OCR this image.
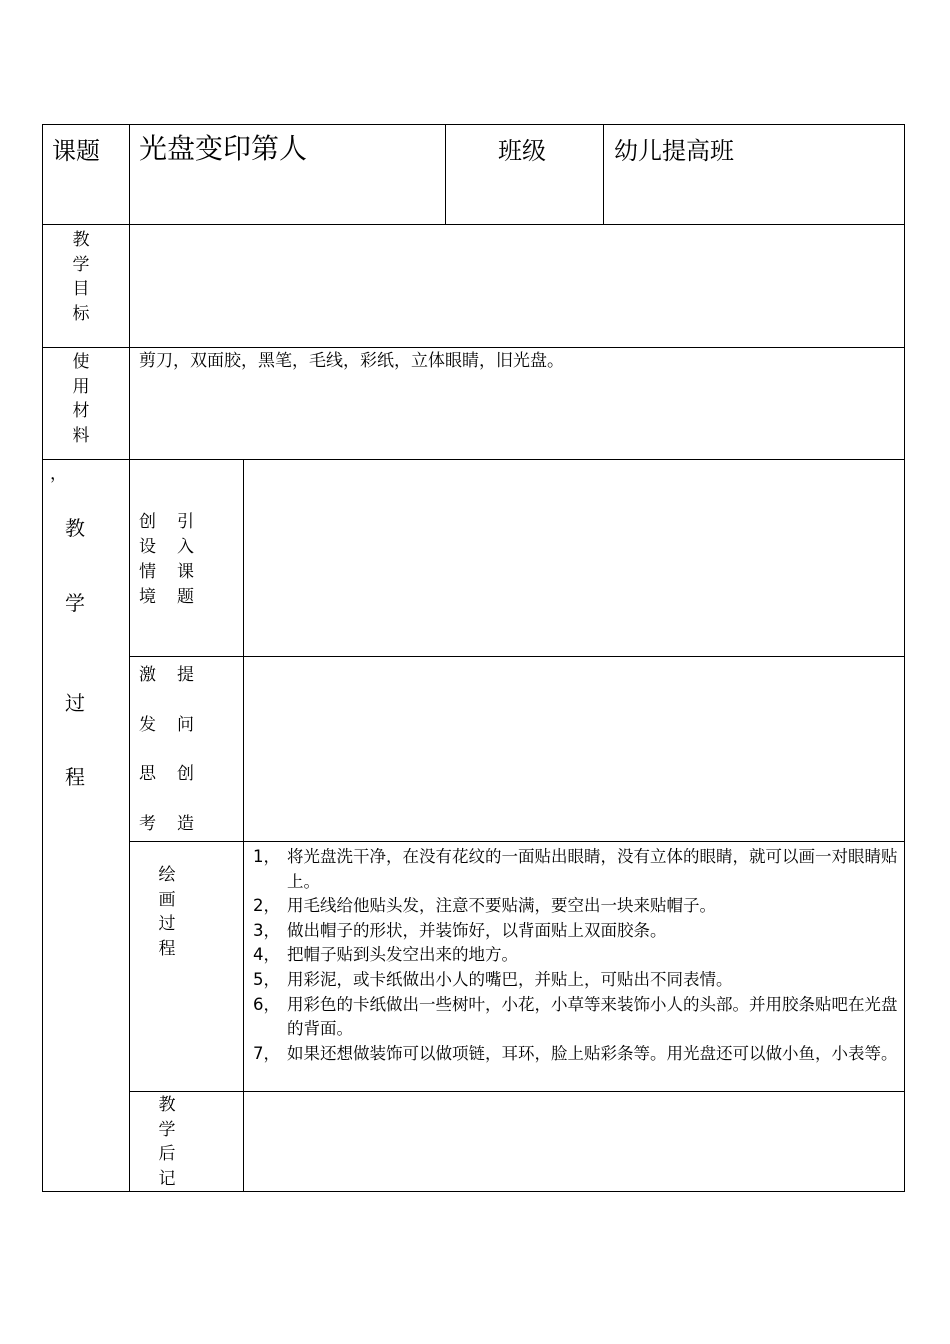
课题 光盘变印第人	班级	幼儿提高班
教
学
目
标
使
用
材
料
剪刀，双面胶，黑笔，毛线，彩纸，立体眼睛，旧光盘。
，
教
学
过
程
创
设
情
境
引
入
课
题
激
发
思
考
提
问
创
造
绘
画
过
程
1， 将光盘洗干净，在没有花纹的一面贴出眼睛，没有立体的眼睛，就可以画一对眼睛贴上。
2， 用毛线给他贴头发，注意不要贴满，要空出一块来贴帽子。
3， 做出帽子的形状，并装饰好，以背面贴上双面胶条。
4， 把帽子贴到头发空出来的地方。
5， 用彩泥，或卡纸做出小人的嘴巴，并贴上，可贴出不同表情。
6， 用彩色的卡纸做出一些树叶，小花，小草等来装饰小人的头部。并用胶条贴吧在光盘的背面。
7， 如果还想做装饰可以做项链，耳环，脸上贴彩条等。用光盘还可以做小鱼，小表等。
教
学
后
记
